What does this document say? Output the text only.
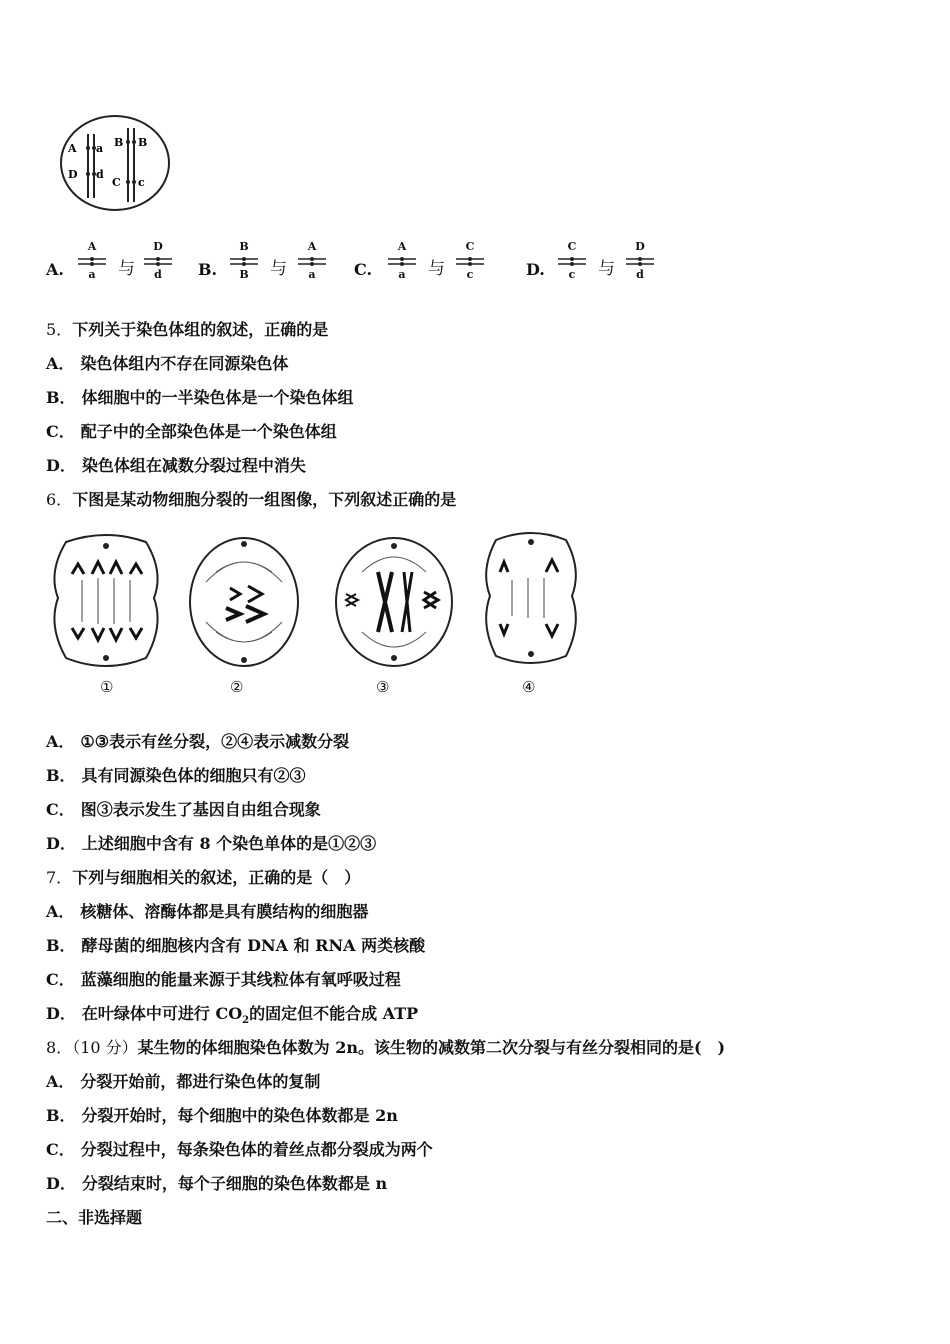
A a
D d
B B
C c
A.
A
a	与
D
d	B.
B
B	与
A
a	C.
A
a	与
C
c	D.
C
c	与
D
d
5．下列关于染色体组的叙述，正确的是
A． 染色体组内不存在同源染色体
B． 体细胞中的一半染色体是一个染色体组
C． 配子中的全部染色体是一个染色体组
D． 染色体组在减数分裂过程中消失
6．下图是某动物细胞分裂的一组图像，下列叙述正确的是
①	②	③	④
A． ①③表示有丝分裂，②④表示减数分裂
B． 具有同源染色体的细胞只有②③
C． 图③表示发生了基因自由组合现象
D． 上述细胞中含有 8 个染色单体的是①②③
7．下列与细胞相关的叙述，正确的是（　）
A． 核糖体、溶酶体都是具有膜结构的细胞器
B． 酵母菌的细胞核内含有 DNA 和 RNA 两类核酸
C． 蓝藻细胞的能量来源于其线粒体有氧呼吸过程
D． 在叶绿体中可进行 $CO_2$的固定但不能合成 ATP
8．（10 分）某生物的体细胞染色体数为 2n。该生物的减数第二次分裂与有丝分裂相同的是(　)
A． 分裂开始前，都进行染色体的复制
B． 分裂开始时，每个细胞中的染色体数都是 2n
C． 分裂过程中，每条染色体的着丝点都分裂成为两个
D． 分裂结束时，每个子细胞的染色体数都是 n
二、非选择题
